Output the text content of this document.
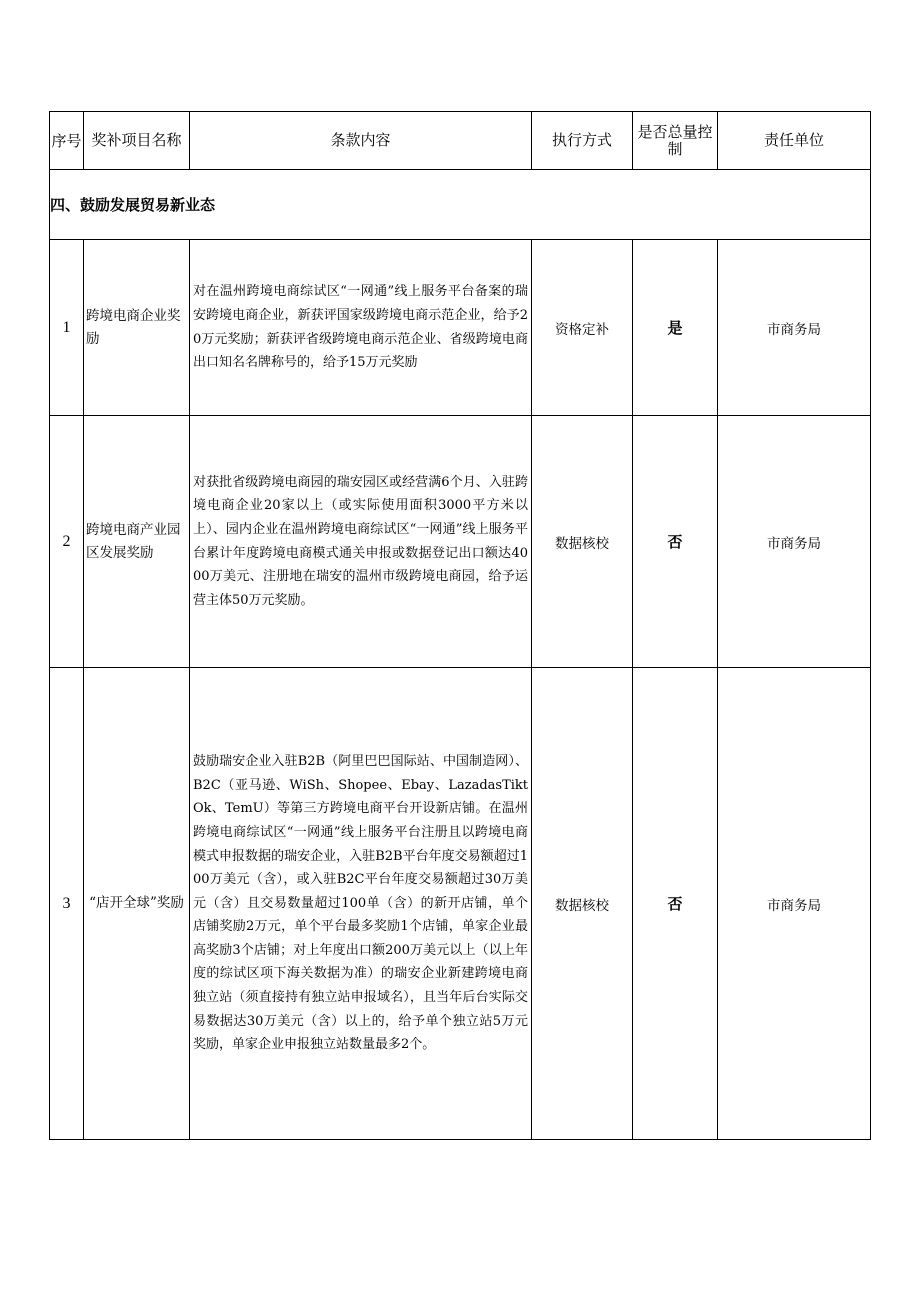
序号	奖补项目名称	条款内容	执行方式	是否总量控制	责任单位
四、鼓励发展贸易新业态					
1	跨境电商企业奖励	对在温州跨境电商综试区“一网通”线上服务平台备案的瑞安跨境电商企业，新获评国家级跨境电商示范企业，给予20万元奖励；新获评省级跨境电商示范企业、省级跨境电商出口知名名牌称号的，给予15万元奖励	资格定补	是	市商务局
2	跨境电商产业园区发展奖励	对获批省级跨境电商园的瑞安园区或经营满6个月、入驻跨境电商企业20家以上（或实际使用面积3000平方米以上）、园内企业在温州跨境电商综试区“一网通”线上服务平台累计年度跨境电商模式通关申报或数据登记出口额达4000万美元、注册地在瑞安的温州市级跨境电商园，给予运营主体50万元奖励。	数据核校	否	市商务局
3	“店开全球”奖励	鼓励瑞安企业入驻B2B（阿里巴巴国际站、中国制造网）、B2C（亚马逊、WiSh、Shopee、Ebay、LazadasTiktOk、TemU）等第三方跨境电商平台开设新店铺。在温州跨境电商综试区“一网通”线上服务平台注册且以跨境电商模式申报数据的瑞安企业，入驻B2B平台年度交易额超过100万美元（含），或入驻B2C平台年度交易额超过30万美元（含）且交易数量超过100单（含）的新开店铺，单个店铺奖励2万元，单个平台最多奖励1个店铺，单家企业最高奖励3个店铺；对上年度出口额200万美元以上（以上年度的综试区项下海关数据为准）的瑞安企业新建跨境电商独立站（须直接持有独立站申报域名），且当年后台实际交易数据达30万美元（含）以上的，给予单个独立站5万元奖励，单家企业申报独立站数量最多2个。	数据核校	否	市商务局
